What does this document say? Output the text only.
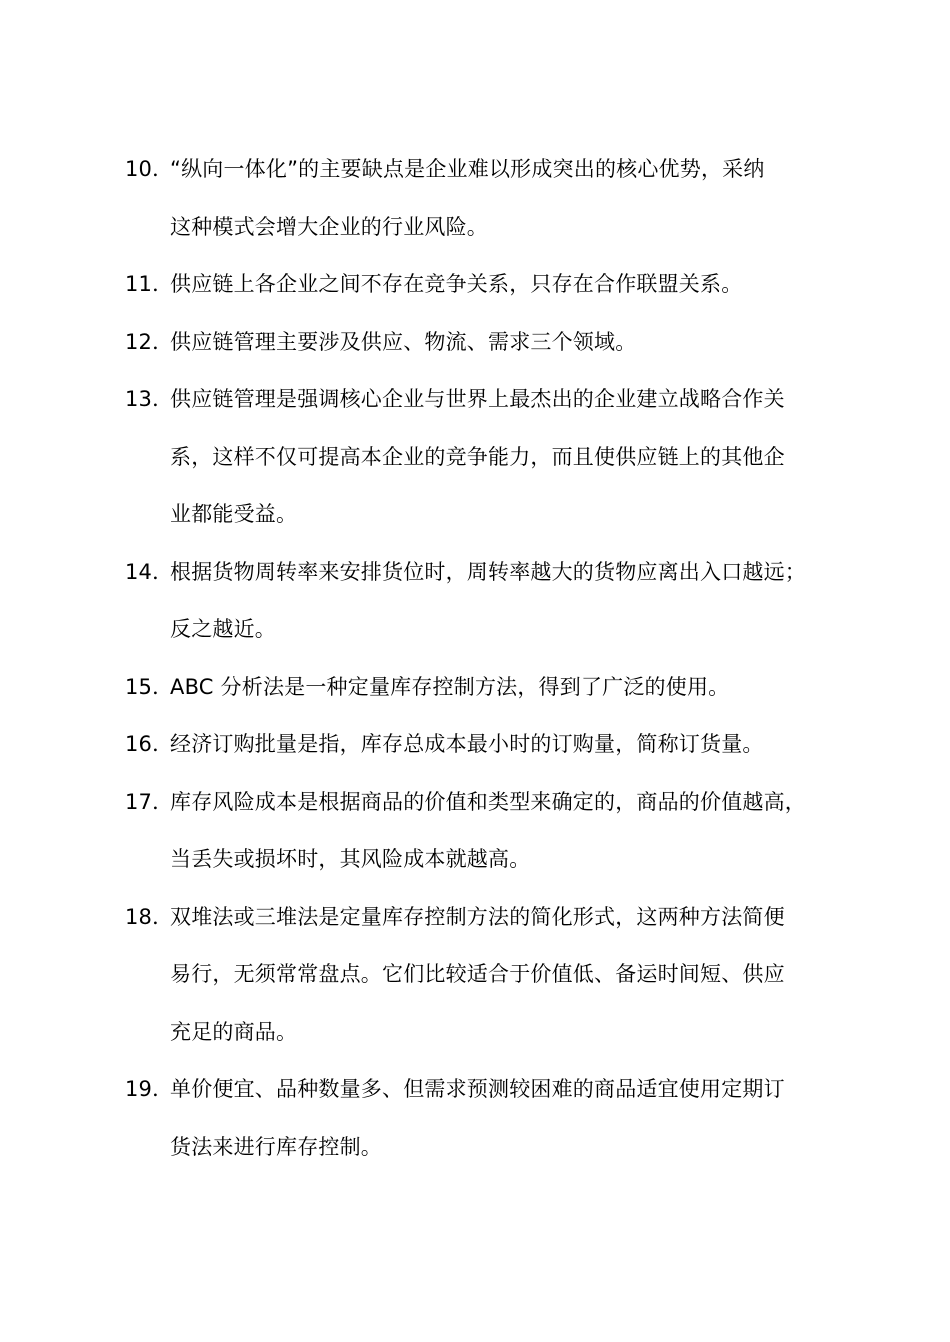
10．
“纵向一体化”的主要缺点是企业难以形成突出的核心优势，采纳
这种模式会增大企业的行业风险。
11．
供应链上各企业之间不存在竞争关系，只存在合作联盟关系。
12．
供应链管理主要涉及供应、物流、需求三个领域。
13．
供应链管理是强调核心企业与世界上最杰出的企业建立战略合作关
系，这样不仅可提高本企业的竞争能力，而且使供应链上的其他企
业都能受益。
14．
根据货物周转率来安排货位时，周转率越大的货物应离出入口越远；
反之越近。
15．
ABC 分析法是一种定量库存控制方法，得到了广泛的使用。
16．
经济订购批量是指，库存总成本最小时的订购量，简称订货量。
17．
库存风险成本是根据商品的价值和类型来确定的，商品的价值越高，
当丢失或损坏时，其风险成本就越高。
18．
双堆法或三堆法是定量库存控制方法的简化形式，这两种方法简便
易行，无须常常盘点。它们比较适合于价值低、备运时间短、供应
充足的商品。
19．
单价便宜、品种数量多、但需求预测较困难的商品适宜使用定期订
货法来进行库存控制。
